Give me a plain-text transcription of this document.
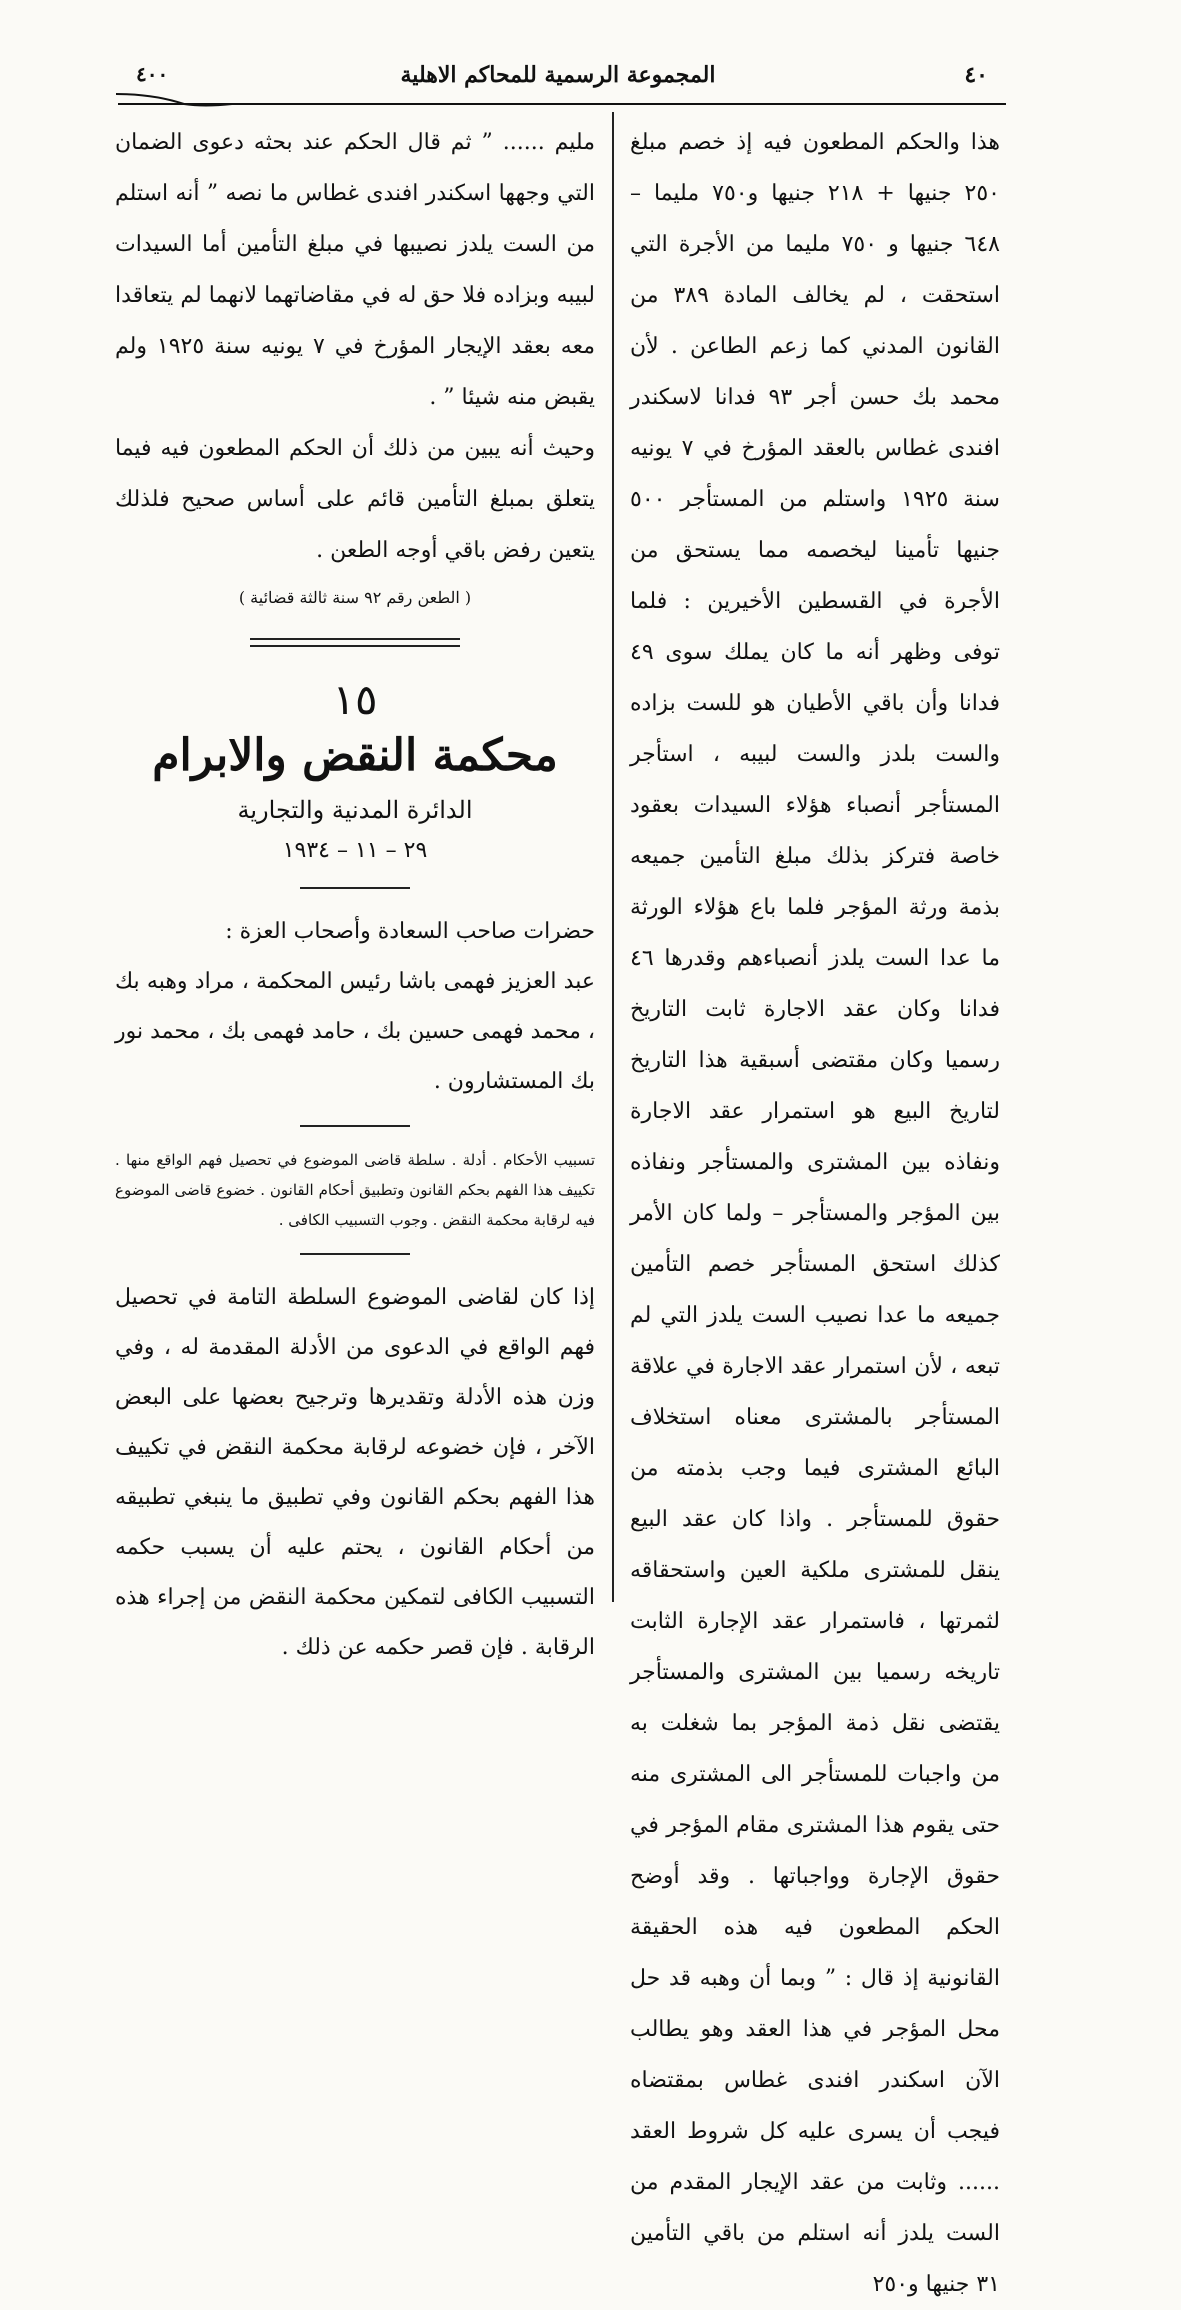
٤٠٠	المجموعة الرسمية للمحاكم الاهلية	٤٠

هذا والحكم المطعون فيه إذ خصم مبلغ ٢٥٠ جنيها + ٢١٨ جنيها و٧٥٠ مليما – ٦٤٨ جنيها و ٧٥٠ مليما من الأجرة التي استحقت ، لم يخالف المادة ٣٨٩ من القانون المدني كما زعم الطاعن . لأن محمد بك حسن أجر ٩٣ فدانا لاسكندر افندى غطاس بالعقد المؤرخ في ٧ يونيه سنة ١٩٢٥ واستلم من المستأجر ٥٠٠ جنيها تأمينا ليخصمه مما يستحق من الأجرة في القسطين الأخيرين : فلما توفى وظهر أنه ما كان يملك سوى ٤٩ فدانا وأن باقي الأطيان هو للست بزاده والست بلدز والست لبيبه ، استأجر المستأجر أنصباء هؤلاء السيدات بعقود خاصة فتركز بذلك مبلغ التأمين جميعه بذمة ورثة المؤجر فلما باع هؤلاء الورثة ما عدا الست يلدز أنصباءهم وقدرها ٤٦ فدانا وكان عقد الاجارة ثابت التاريخ رسميا وكان مقتضى أسبقية هذا التاريخ لتاريخ البيع هو استمرار عقد الاجارة ونفاذه بين المشترى والمستأجر ونفاذه بين المؤجر والمستأجر – ولما كان الأمر كذلك استحق المستأجر خصم التأمين جميعه ما عدا نصيب الست يلدز التي لم تبعه ، لأن استمرار عقد الاجارة في علاقة المستأجر بالمشترى معناه استخلاف البائع المشترى فيما وجب بذمته من حقوق للمستأجر . واذا كان عقد البيع ينقل للمشترى ملكية العين واستحقاقه لثمرتها ، فاستمرار عقد الإجارة الثابت تاريخه رسميا بين المشترى والمستأجر يقتضى نقل ذمة المؤجر بما شغلت به من واجبات للمستأجر الى المشترى منه حتى يقوم هذا المشترى مقام المؤجر في حقوق الإجارة وواجباتها . وقد أوضح الحكم المطعون فيه هذه الحقيقة القانونية إذ قال : ” وبما أن وهبه قد حل محل المؤجر في هذا العقد وهو يطالب الآن اسكندر افندى غطاس بمقتضاه فيجب أن يسرى عليه كل شروط العقد ...... وثابت من عقد الإيجار المقدم من الست يلدز أنه استلم من باقي التأمين ٣١ جنيها و٢٥٠

مليم ...... ” ثم قال الحكم عند بحثه دعوى الضمان التي وجهها اسكندر افندى غطاس ما نصه ” أنه استلم من الست يلدز نصيبها في مبلغ التأمين أما السيدات لبيبه وبزاده فلا حق له في مقاضاتهما لانهما لم يتعاقدا معه بعقد الإيجار المؤرخ في ٧ يونيه سنة ١٩٢٥ ولم يقبض منه شيئا ” .

وحيث أنه يبين من ذلك أن الحكم المطعون فيه فيما يتعلق بمبلغ التأمين قائم على أساس صحيح فلذلك يتعين رفض باقي أوجه الطعن .

( الطعن رقم ٩٢ سنة ثالثة قضائية )
١٥
محكمة النقض والابرام
الدائرة المدنية والتجارية
٢٩ – ١١ – ١٩٣٤
حضرات صاحب السعادة وأصحاب العزة :
عبد العزيز فهمى باشا رئيس المحكمة ، مراد وهبه بك ، محمد فهمى حسين بك ، حامد فهمى بك ، محمد نور بك المستشارون .

تسبيب الأحكام . أدلة . سلطة قاضى الموضوع في تحصيل فهم الواقع منها . تكييف هذا الفهم بحكم القانون وتطبيق أحكام القانون . خضوع قاضى الموضوع فيه لرقابة محكمة النقض . وجوب التسبيب الكافى .

إذا كان لقاضى الموضوع السلطة التامة في تحصيل فهم الواقع في الدعوى من الأدلة المقدمة له ، وفي وزن هذه الأدلة وتقديرها وترجيح بعضها على البعض الآخر ، فإن خضوعه لرقابة محكمة النقض في تكييف هذا الفهم بحكم القانون وفي تطبيق ما ينبغي تطبيقه من أحكام القانون ، يحتم عليه أن يسبب حكمه التسبيب الكافى لتمكين محكمة النقض من إجراء هذه الرقابة . فإن قصر حكمه عن ذلك .
